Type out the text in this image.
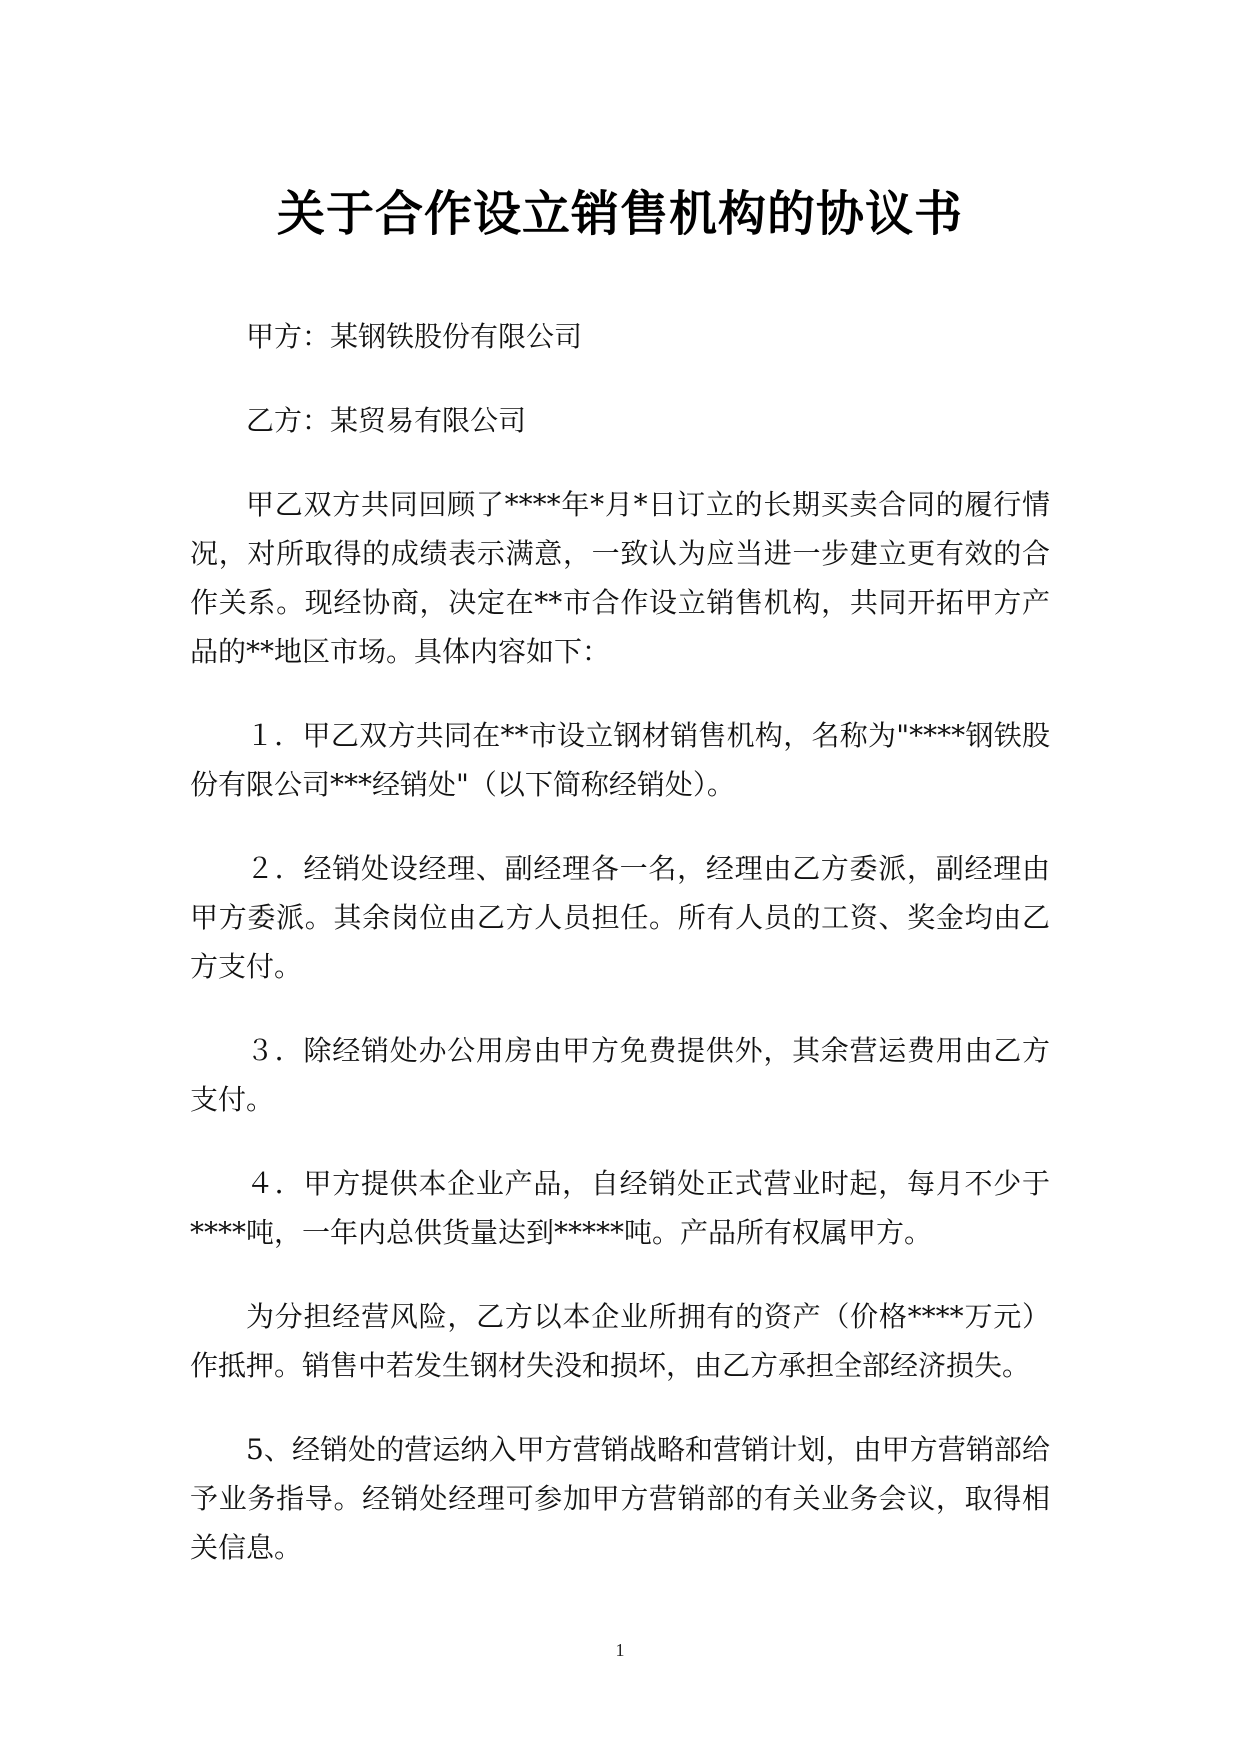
关于合作设立销售机构的协议书

甲方：某钢铁股份有限公司

乙方：某贸易有限公司

甲乙双方共同回顾了****年*月*日订立的长期买卖合同的履行情况，对所取得的成绩表示满意，一致认为应当进一步建立更有效的合作关系。现经协商，决定在**市合作设立销售机构，共同开拓甲方产品的**地区市场。具体内容如下：

１．甲乙双方共同在**市设立钢材销售机构，名称为"****钢铁股份有限公司***经销处"（以下简称经销处）。

２．经销处设经理、副经理各一名，经理由乙方委派，副经理由甲方委派。其余岗位由乙方人员担任。所有人员的工资、奖金均由乙方支付。

３．除经销处办公用房由甲方免费提供外，其余营运费用由乙方支付。

４．甲方提供本企业产品，自经销处正式营业时起，每月不少于****吨，一年内总供货量达到*****吨。产品所有权属甲方。

为分担经营风险，乙方以本企业所拥有的资产（价格****万元）作抵押。销售中若发生钢材失没和损坏，由乙方承担全部经济损失。

5、经销处的营运纳入甲方营销战略和营销计划，由甲方营销部给予业务指导。经销处经理可参加甲方营销部的有关业务会议，取得相关信息。

1
